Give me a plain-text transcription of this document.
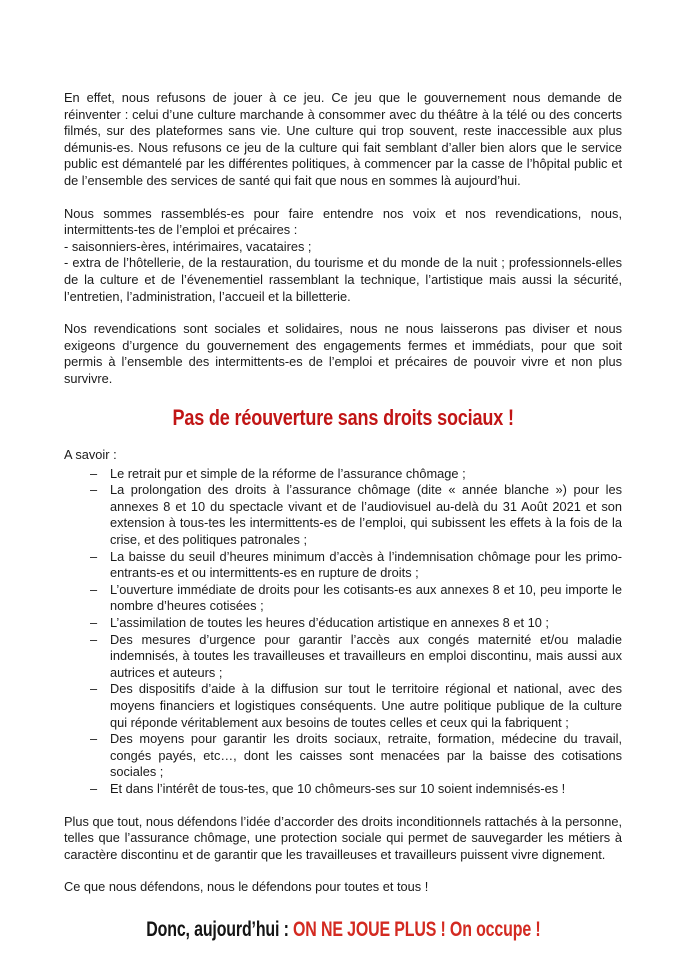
En effet, nous refusons de jouer à ce jeu. Ce jeu que le gouvernement nous demande de réinventer : celui d’une culture marchande à consommer avec du théâtre à la télé ou des concerts filmés, sur des plateformes sans vie. Une culture qui trop souvent, reste inaccessible aux plus démunis-es. Nous refusons ce jeu de la culture qui fait semblant d’aller bien alors que le service public est démantelé par les différentes politiques, à commencer par la casse de l’hôpital public et de l’ensemble des services de santé qui fait que nous en sommes là aujourd’hui.

Nous sommes rassemblés-es pour faire entendre nos voix et nos revendications, nous, intermittents-tes de l’emploi et précaires :

- saisonniers-ères, intérimaires, vacataires ;

- extra de l’hôtellerie, de la restauration, du tourisme et du monde de la nuit ; professionnels-elles de la culture et de l’évenementiel rassemblant la technique, l’artistique mais aussi la sécurité, l’entretien, l’administration, l’accueil et la billetterie.

Nos revendications sont sociales et solidaires, nous ne nous laisserons pas diviser et nous exigeons d’urgence du gouvernement des engagements fermes et immédiats, pour que soit permis à l’ensemble des intermittents-es de l’emploi et précaires de pouvoir vivre et non plus survivre.

Pas de réouverture sans droits sociaux !

A savoir :

– Le retrait pur et simple de la réforme de l’assurance chômage ;
– La prolongation des droits à l’assurance chômage (dite « année blanche ») pour les annexes 8 et 10 du spectacle vivant et de l’audiovisuel au-delà du 31 Août 2021 et son extension à tous-tes les intermittents-es de l’emploi, qui subissent les effets à la fois de la crise, et des politiques patronales ;
– La baisse du seuil d’heures minimum d’accès à l’indemnisation chômage pour les primo-entrants-es et ou intermittents-es en rupture de droits ;
– L’ouverture immédiate de droits pour les cotisants-es aux annexes 8 et 10, peu importe le nombre d’heures cotisées ;
– L’assimilation de toutes les heures d’éducation artistique en annexes 8 et 10 ;
– Des mesures d’urgence pour garantir l’accès aux congés maternité et/ou maladie indemnisés, à toutes les travailleuses et travailleurs en emploi discontinu, mais aussi aux autrices et auteurs ;
– Des dispositifs d’aide à la diffusion sur tout le territoire régional et national, avec des moyens financiers et logistiques conséquents. Une autre politique publique de la culture qui réponde véritablement aux besoins de toutes celles et ceux qui la fabriquent ;
– Des moyens pour garantir les droits sociaux, retraite, formation, médecine du travail, congés payés, etc…, dont les caisses sont menacées par la baisse des cotisations sociales ;
– Et dans l’intérêt de tous-tes, que 10 chômeurs-ses sur 10 soient indemnisés-es !

Plus que tout, nous défendons l’idée d’accorder des droits inconditionnels rattachés à la personne, telles que l’assurance chômage, une protection sociale qui permet de sauvegarder les métiers à caractère discontinu et de garantir que les travailleuses et travailleurs puissent vivre dignement.

Ce que nous défendons, nous le défendons pour toutes et tous !

Donc, aujourd’hui : ON NE JOUE PLUS ! On occupe !
